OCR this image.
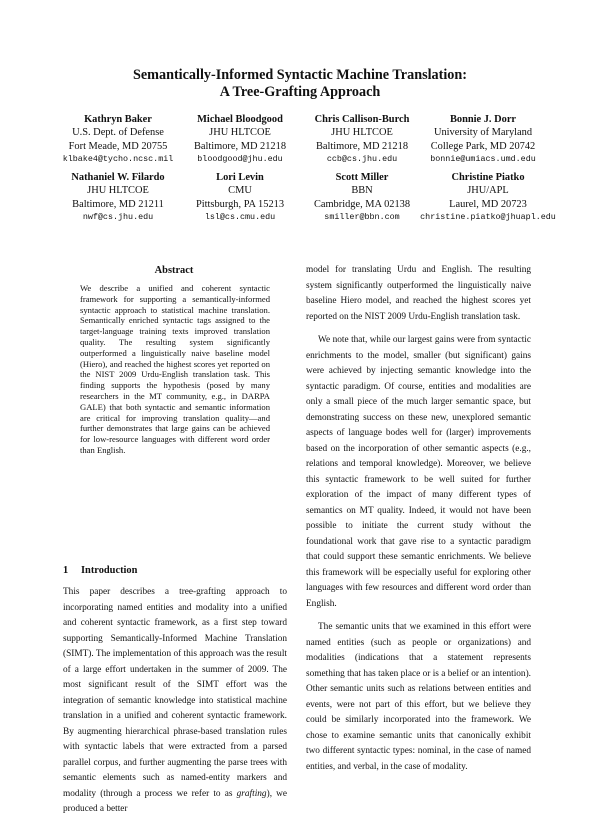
Semantically-Informed Syntactic Machine Translation:
A Tree-Grafting Approach
Kathryn Baker
U.S. Dept. of Defense
Fort Meade, MD 20755
klbake4@tycho.ncsc.mil
Michael Bloodgood
JHU HLTCOE
Baltimore, MD 21218
bloodgood@jhu.edu
Chris Callison-Burch
JHU HLTCOE
Baltimore, MD 21218
ccb@cs.jhu.edu
Bonnie J. Dorr
University of Maryland
College Park, MD 20742
bonnie@umiacs.umd.edu
Nathaniel W. Filardo
JHU HLTCOE
Baltimore, MD 21211
nwf@cs.jhu.edu
Lori Levin
CMU
Pittsburgh, PA 15213
lsl@cs.cmu.edu
Scott Miller
BBN
Cambridge, MA 02138
smiller@bbn.com
Christine Piatko
JHU/APL
Laurel, MD 20723
christine.piatko@jhuapl.edu
Abstract
We describe a unified and coherent syntactic framework for supporting a semantically-informed syntactic approach to statistical machine translation. Semantically enriched syntactic tags assigned to the target-language training texts improved translation quality. The resulting system significantly outperformed a linguistically naive baseline model (Hiero), and reached the highest scores yet reported on the NIST 2009 Urdu-English translation task. This finding supports the hypothesis (posed by many researchers in the MT community, e.g., in DARPA GALE) that both syntactic and semantic information are critical for improving translation quality—and further demonstrates that large gains can be achieved for low-resource languages with different word order than English.
1 Introduction

This paper describes a tree-grafting approach to incorporating named entities and modality into a unified and coherent syntactic framework, as a first step toward supporting Semantically-Informed Machine Translation (SIMT). The implementation of this approach was the result of a large effort undertaken in the summer of 2009. The most significant result of the SIMT effort was the integration of semantic knowledge into statistical machine translation in a unified and coherent syntactic framework. By augmenting hierarchical phrase-based translation rules with syntactic labels that were extracted from a parsed parallel corpus, and further augmenting the parse trees with semantic elements such as named-entity markers and modality (through a process we refer to as grafting), we produced a better

model for translating Urdu and English. The resulting system significantly outperformed the linguistically naive baseline Hiero model, and reached the highest scores yet reported on the NIST 2009 Urdu-English translation task.

We note that, while our largest gains were from syntactic enrichments to the model, smaller (but significant) gains were achieved by injecting semantic knowledge into the syntactic paradigm. Of course, entities and modalities are only a small piece of the much larger semantic space, but demonstrating success on these new, unexplored semantic aspects of language bodes well for (larger) improvements based on the incorporation of other semantic aspects (e.g., relations and temporal knowledge). Moreover, we believe this syntactic framework to be well suited for further exploration of the impact of many different types of semantics on MT quality. Indeed, it would not have been possible to initiate the current study without the foundational work that gave rise to a syntactic paradigm that could support these semantic enrichments. We believe this framework will be especially useful for exploring other languages with few resources and different word order than English.

The semantic units that we examined in this effort were named entities (such as people or organizations) and modalities (indications that a statement represents something that has taken place or is a belief or an intention). Other semantic units such as relations between entities and events, were not part of this effort, but we believe they could be similarly incorporated into the framework. We chose to examine semantic units that canonically exhibit two different syntactic types: nominal, in the case of named entities, and verbal, in the case of modality.
